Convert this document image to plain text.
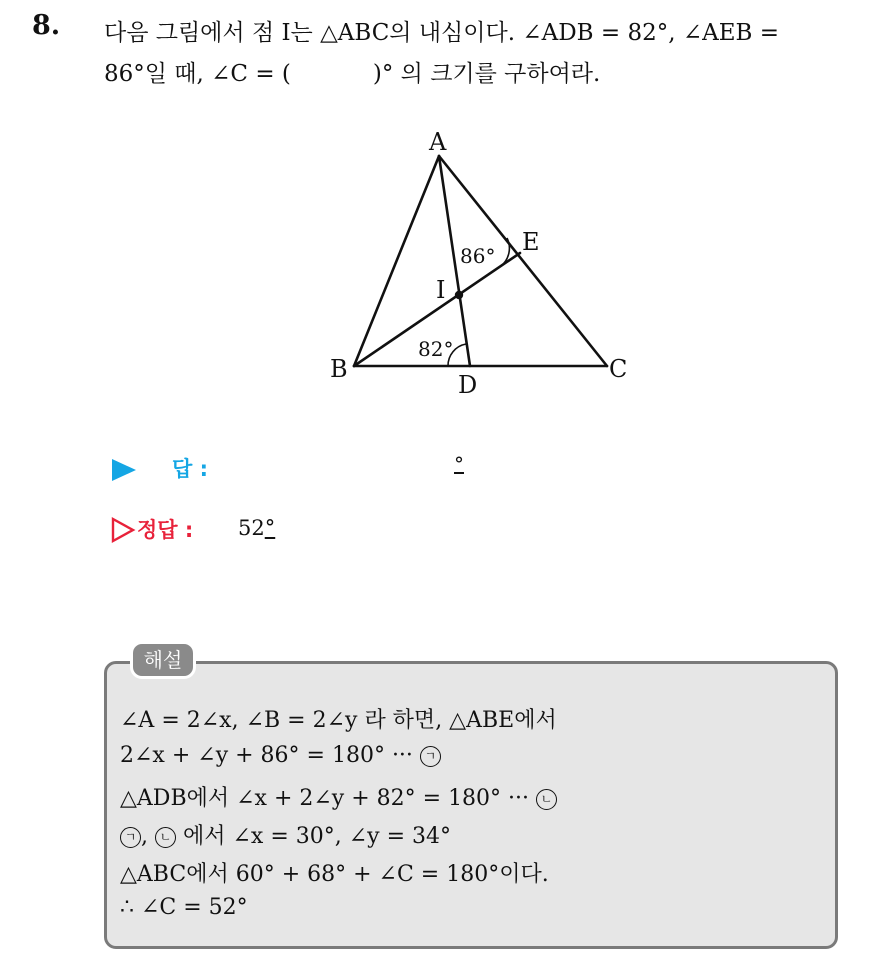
8. 다음 그림에서 점 I는 △ABC의 내심이다. ∠ADB = 82°, ∠AEB =
86°일 때, ∠C = (	)° 의 크기를 구하여라.
A
B	C
D
E
I
86°
82°
답 :	°
정답 : 52°
해설
∠A = 2∠x, ∠B = 2∠y 라 하면, △ABE에서
2∠x + ∠y + 86° = 180° ··· ㄱ
△ADB에서 ∠x + 2∠y + 82° = 180° ··· ㄴ
ㄱ , ㄴ 에서 ∠x = 30°, ∠y = 34°
△ABC에서 60° + 68° + ∠C = 180°이다.
∴ ∠C = 52°
